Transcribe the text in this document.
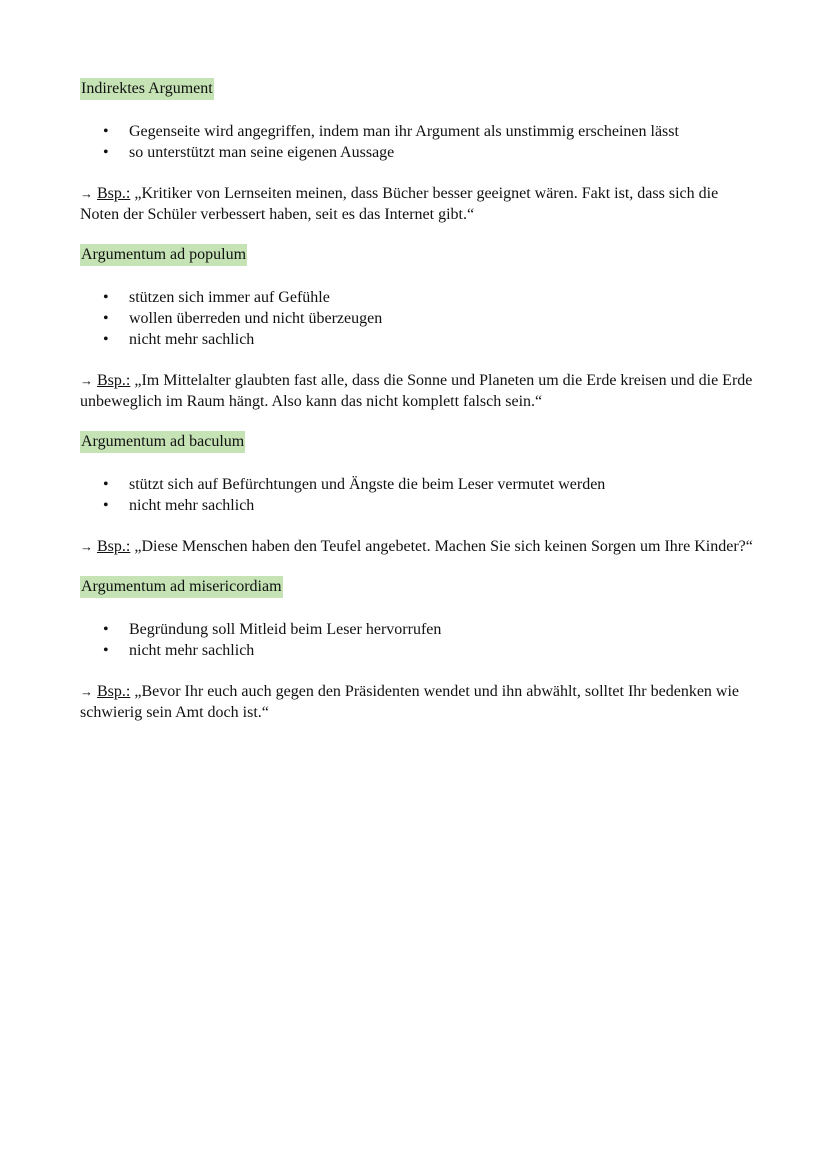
Indirektes Argument

• Gegenseite wird angegriffen, indem man ihr Argument als unstimmig erscheinen lässt
• so unterstützt man seine eigenen Aussage

→ Bsp.: „Kritiker von Lernseiten meinen, dass Bücher besser geeignet wären. Fakt ist, dass sich die Noten der Schüler verbessert haben, seit es das Internet gibt.“

Argumentum ad populum

• stützen sich immer auf Gefühle
• wollen überreden und nicht überzeugen
• nicht mehr sachlich

→ Bsp.: „Im Mittelalter glaubten fast alle, dass die Sonne und Planeten um die Erde kreisen und die Erde unbeweglich im Raum hängt. Also kann das nicht komplett falsch sein.“

Argumentum ad baculum

• stützt sich auf Befürchtungen und Ängste die beim Leser vermutet werden
• nicht mehr sachlich

→ Bsp.: „Diese Menschen haben den Teufel angebetet. Machen Sie sich keinen Sorgen um Ihre Kinder?“

Argumentum ad misericordiam

• Begründung soll Mitleid beim Leser hervorrufen
• nicht mehr sachlich

→ Bsp.: „Bevor Ihr euch auch gegen den Präsidenten wendet und ihn abwählt, solltet Ihr bedenken wie schwierig sein Amt doch ist.“
